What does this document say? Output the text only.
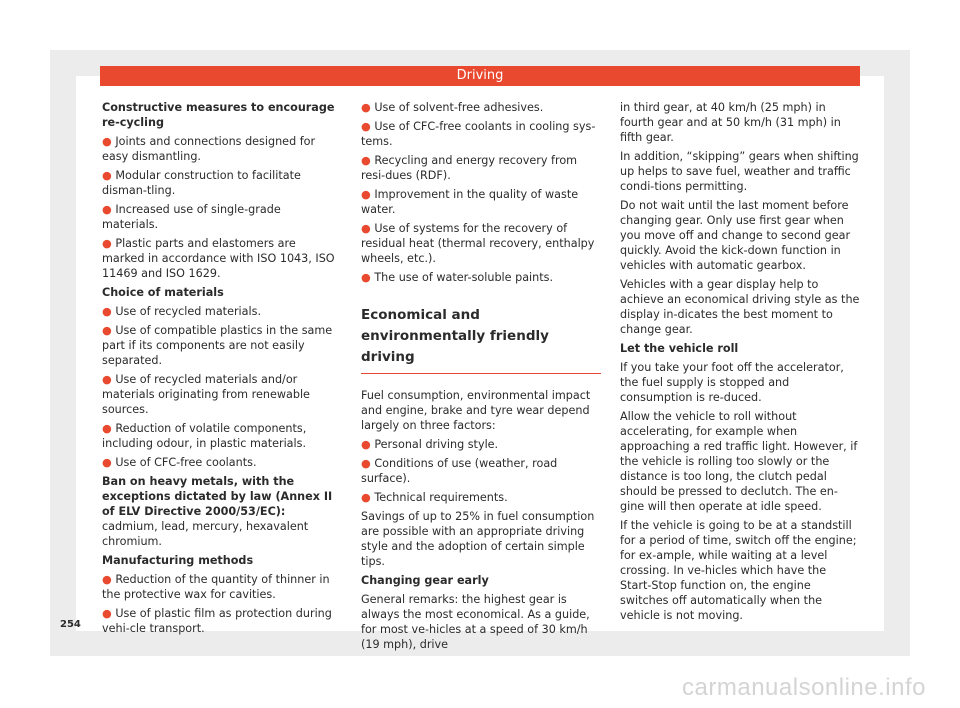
Driving

Constructive measures to encourage re-cycling

● Joints and connections designed for easy dismantling.

● Modular construction to facilitate disman-tling.

● Increased use of single-grade materials.

● Plastic parts and elastomers are marked in accordance with ISO 1043, ISO 11469 and ISO 1629.

Choice of materials

● Use of recycled materials.

● Use of compatible plastics in the same part if its components are not easily separated.

● Use of recycled materials and/or materials originating from renewable sources.

● Reduction of volatile components, including odour, in plastic materials.

● Use of CFC-free coolants.

Ban on heavy metals, with the exceptions dictated by law (Annex II of ELV Directive 2000/53/EC): cadmium, lead, mercury, hexavalent chromium.

Manufacturing methods

● Reduction of the quantity of thinner in the protective wax for cavities.

● Use of plastic film as protection during vehi-cle transport.

● Use of solvent-free adhesives.

● Use of CFC-free coolants in cooling sys-tems.

● Recycling and energy recovery from resi-dues (RDF).

● Improvement in the quality of waste water.

● Use of systems for the recovery of residual heat (thermal recovery, enthalpy wheels, etc.).

● The use of water-soluble paints.

Economical and environmentally friendly driving

Fuel consumption, environmental impact and engine, brake and tyre wear depend largely on three factors:

● Personal driving style.

● Conditions of use (weather, road surface).

● Technical requirements.

Savings of up to 25% in fuel consumption are possible with an appropriate driving style and the adoption of certain simple tips.

Changing gear early

General remarks: the highest gear is always the most economical. As a guide, for most ve-hicles at a speed of 30 km/h (19 mph), drive

in third gear, at 40 km/h (25 mph) in fourth gear and at 50 km/h (31 mph) in fifth gear.

In addition, “skipping” gears when shifting up helps to save fuel, weather and traffic condi-tions permitting.

Do not wait until the last moment before changing gear. Only use first gear when you move off and change to second gear quickly. Avoid the kick-down function in vehicles with automatic gearbox.

Vehicles with a gear display help to achieve an economical driving style as the display in-dicates the best moment to change gear.

Let the vehicle roll

If you take your foot off the accelerator, the fuel supply is stopped and consumption is re-duced.

Allow the vehicle to roll without accelerating, for example when approaching a red traffic light. However, if the vehicle is rolling too slowly or the distance is too long, the clutch pedal should be pressed to declutch. The en-gine will then operate at idle speed.

If the vehicle is going to be at a standstill for a period of time, switch off the engine; for ex-ample, while waiting at a level crossing. In ve-hicles which have the Start-Stop function on, the engine switches off automatically when the vehicle is not moving.

254
carmanualsonline.info
